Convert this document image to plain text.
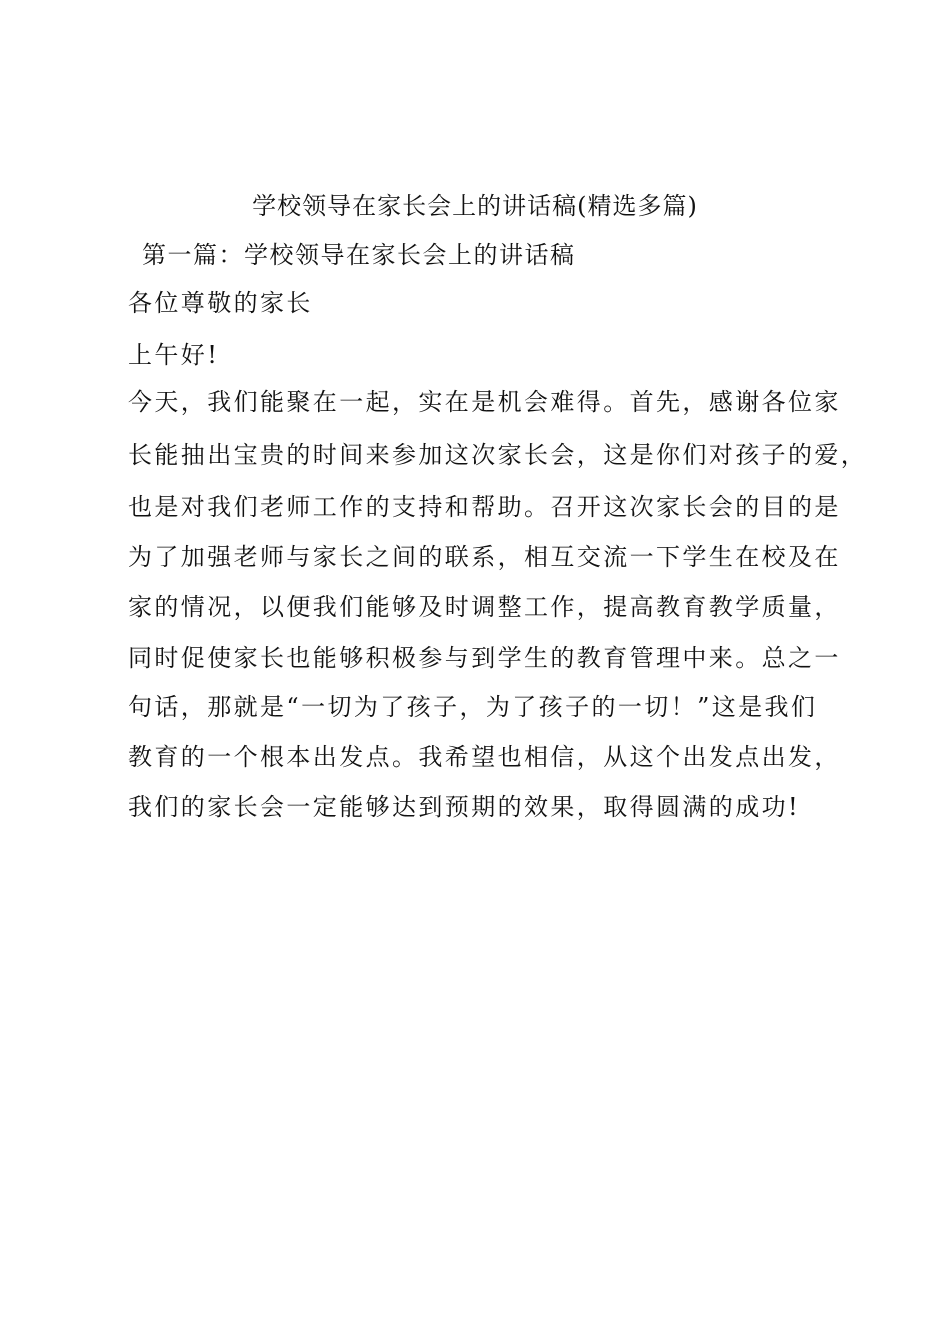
学校领导在家长会上的讲话稿(精选多篇)
第一篇：学校领导在家长会上的讲话稿
各位尊敬的家长
上午好!
今天，我们能聚在一起，实在是机会难得。首先，感谢各位家
长能抽出宝贵的时间来参加这次家长会，这是你们对孩子的爱，
也是对我们老师工作的支持和帮助。召开这次家长会的目的是
为了加强老师与家长之间的联系，相互交流一下学生在校及在
家的情况，以便我们能够及时调整工作，提高教育教学质量，
同时促使家长也能够积极参与到学生的教育管理中来。总之一
句话，那就是“一切为了孩子，为了孩子的一切！”这是我们
教育的一个根本出发点。我希望也相信，从这个出发点出发，
我们的家长会一定能够达到预期的效果，取得圆满的成功!
